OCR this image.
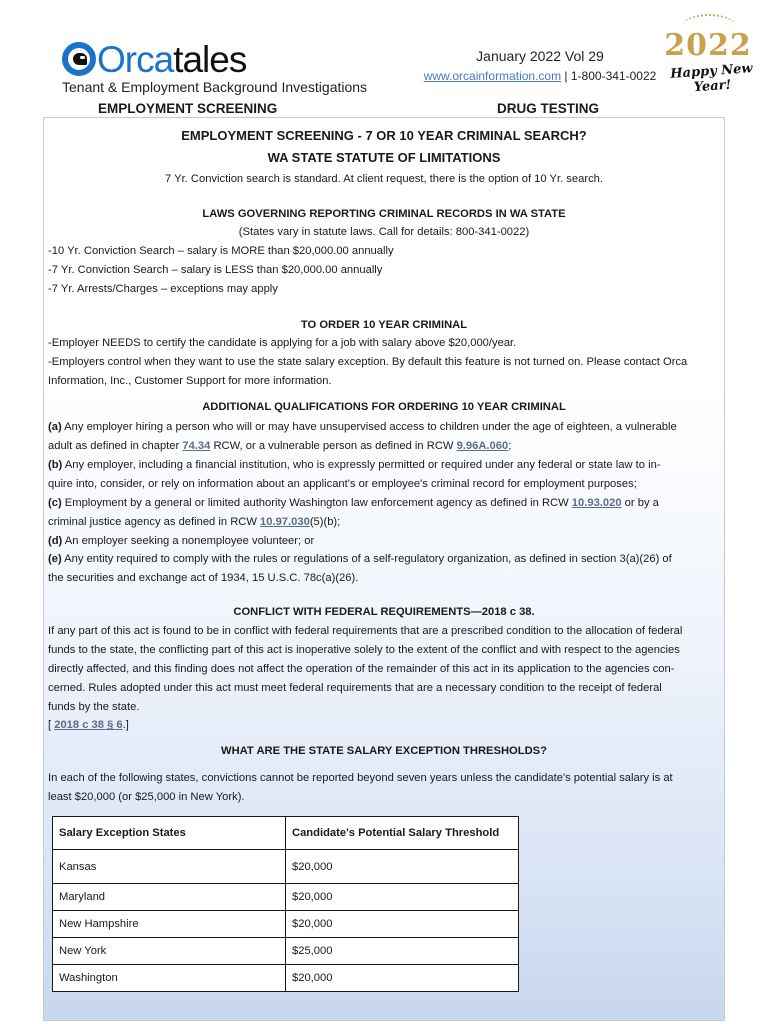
Orcatales
Tenant & Employment Background Investigations
January 2022 Vol 29
www.orcainformation.com | 1-800-341-0022
2022
Happy New Year!
EMPLOYMENT SCREENING	DRUG TESTING
EMPLOYMENT SCREENING - 7 OR 10 YEAR CRIMINAL SEARCH?
WA STATE STATUTE OF LIMITATIONS
7 Yr. Conviction search is standard. At client request, there is the option of 10 Yr. search.
LAWS GOVERNING REPORTING CRIMINAL RECORDS IN WA STATE
(States vary in statute laws. Call for details: 800-341-0022)
-10 Yr. Conviction Search – salary is MORE than $20,000.00 annually
-7 Yr. Conviction Search – salary is LESS than $20,000.00 annually
-7 Yr. Arrests/Charges – exceptions may apply
TO ORDER 10 YEAR CRIMINAL
-Employer NEEDS to certify the candidate is applying for a job with salary above $20,000/year.
-Employers control when they want to use the state salary exception. By default this feature is not turned on. Please contact Orca
Information, Inc., Customer Support for more information.
ADDITIONAL QUALIFICATIONS FOR ORDERING 10 YEAR CRIMINAL
(a) Any employer hiring a person who will or may have unsupervised access to children under the age of eighteen, a vulnerable
adult as defined in chapter 74.34 RCW, or a vulnerable person as defined in RCW 9.96A.060;
(b) Any employer, including a financial institution, who is expressly permitted or required under any federal or state law to in-
quire into, consider, or rely on information about an applicant's or employee's criminal record for employment purposes;
(c) Employment by a general or limited authority Washington law enforcement agency as defined in RCW 10.93.020 or by a
criminal justice agency as defined in RCW 10.97.030(5)(b);
(d) An employer seeking a nonemployee volunteer; or
(e) Any entity required to comply with the rules or regulations of a self-regulatory organization, as defined in section 3(a)(26) of
the securities and exchange act of 1934, 15 U.S.C. 78c(a)(26).
CONFLICT WITH FEDERAL REQUIREMENTS—2018 c 38.
If any part of this act is found to be in conflict with federal requirements that are a prescribed condition to the allocation of federal
funds to the state, the conflicting part of this act is inoperative solely to the extent of the conflict and with respect to the agencies
directly affected, and this finding does not affect the operation of the remainder of this act in its application to the agencies con-
cerned. Rules adopted under this act must meet federal requirements that are a necessary condition to the receipt of federal
funds by the state.
[ 2018 c 38 § 6.]
WHAT ARE THE STATE SALARY EXCEPTION THRESHOLDS?
In each of the following states, convictions cannot be reported beyond seven years unless the candidate's potential salary is at
least $20,000 (or $25,000 in New York).
Salary Exception States	Candidate's Potential Salary Threshold
Kansas	$20,000
Maryland	$20,000
New Hampshire	$20,000
New York	$25,000
Washington	$20,000
